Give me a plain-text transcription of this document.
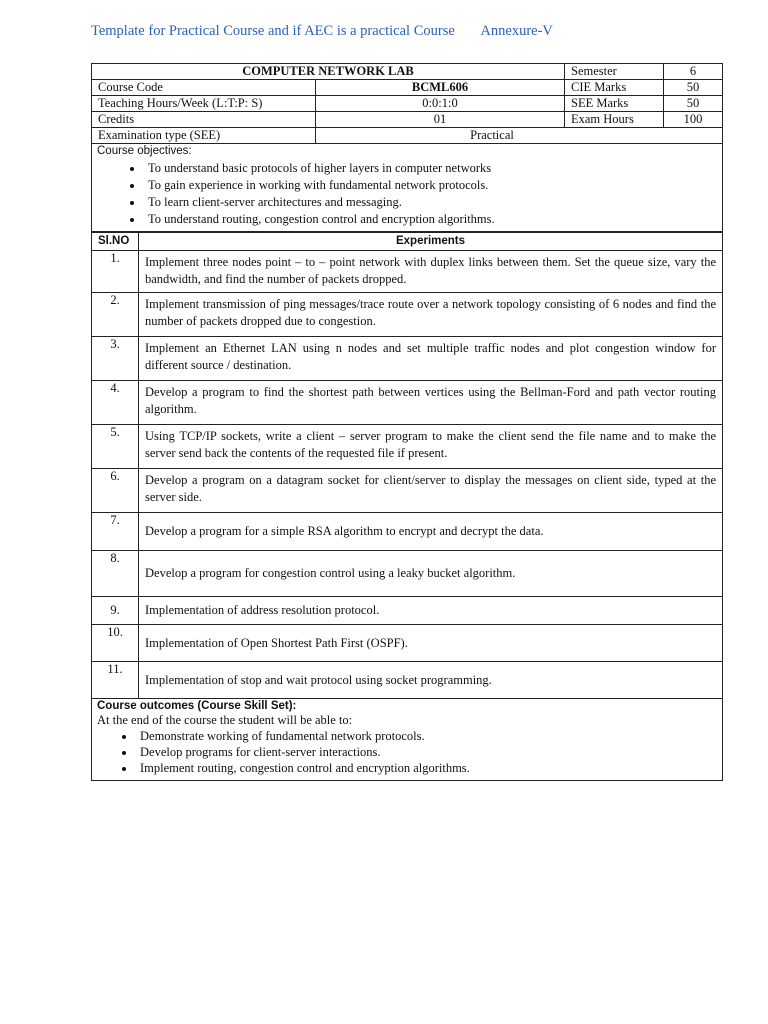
Template for Practical Course and if AEC is a practical Course Annexure-V
COMPUTER NETWORK LAB		Semester	6
Course Code	BCML606	CIE Marks	50
Teaching Hours/Week (L:T:P: S)	0:0:1:0	SEE Marks	50
Credits	01	Exam Hours	100
Examination type (SEE)	Practical		
Course objectives:
• To understand basic protocols of higher layers in computer networks
• To gain experience in working with fundamental network protocols.
• To learn client-server architectures and messaging.
• To understand routing, congestion control and encryption algorithms.
Sl.NO	Experiments
1.	Implement three nodes point – to – point network with duplex links between them. Set the queue size, vary the bandwidth, and find the number of packets dropped.
2.	Implement transmission of ping messages/trace route over a network topology consisting of 6 nodes and find the number of packets dropped due to congestion.
3.	Implement an Ethernet LAN using n nodes and set multiple traffic nodes and plot congestion window for different source / destination.
4.	Develop a program to find the shortest path between vertices using the Bellman-Ford and path vector routing algorithm.
5.	Using TCP/IP sockets, write a client – server program to make the client send the file name and to make the server send back the contents of the requested file if present.
6.	Develop a program on a datagram socket for client/server to display the messages on client side, typed at the server side.
7.	Develop a program for a simple RSA algorithm to encrypt and decrypt the data.
8.	Develop a program for congestion control using a leaky bucket algorithm.
9.	Implementation of address resolution protocol.
10.	Implementation of Open Shortest Path First (OSPF).
11.	Implementation of stop and wait protocol using socket programming.
Course outcomes (Course Skill Set):
At the end of the course the student will be able to:
• Demonstrate working of fundamental network protocols.
• Develop programs for client-server interactions.
• Implement routing, congestion control and encryption algorithms.
